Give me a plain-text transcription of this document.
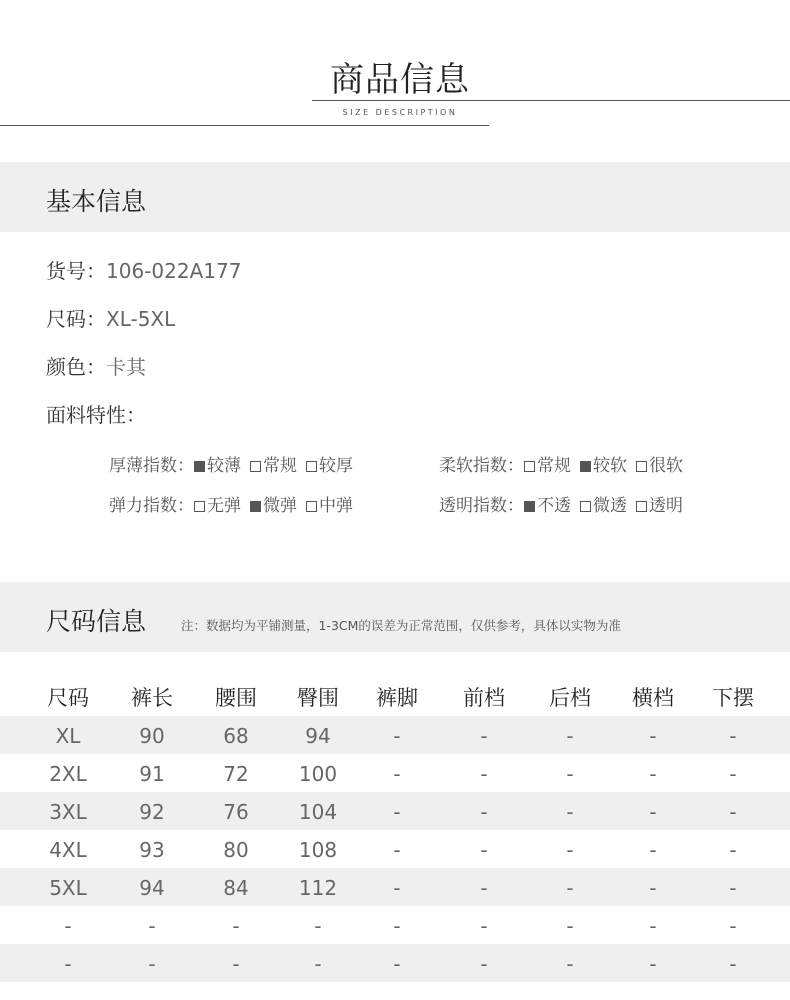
商品信息
SIZE DESCRIPTION
基本信息
货号：106-022A177
尺码：XL-5XL
颜色：卡其
面料特性：
厚薄指数： 较薄 常规 较厚	柔软指数： 常规 较软 很软
弹力指数： 无弹 微弹 中弹	透明指数： 不透 微透 透明
尺码信息	注：数据均为平铺测量，1-3CM的误差为正常范围，仅供参考，具体以实物为准
尺码 裤长 腰围 臀围 裤脚 前档 后档 横档 下摆
XL	90	68	94	-	-	-	-	-
2XL	91	72	100	-	-	-	-	-
3XL	92	76	104	-	-	-	-	-
4XL	93	80	108	-	-	-	-	-
5XL	94	84	112	-	-	-	-	-
-	-	-	-	-	-	-	-	-
-	-	-	-	-	-	-	-	-
